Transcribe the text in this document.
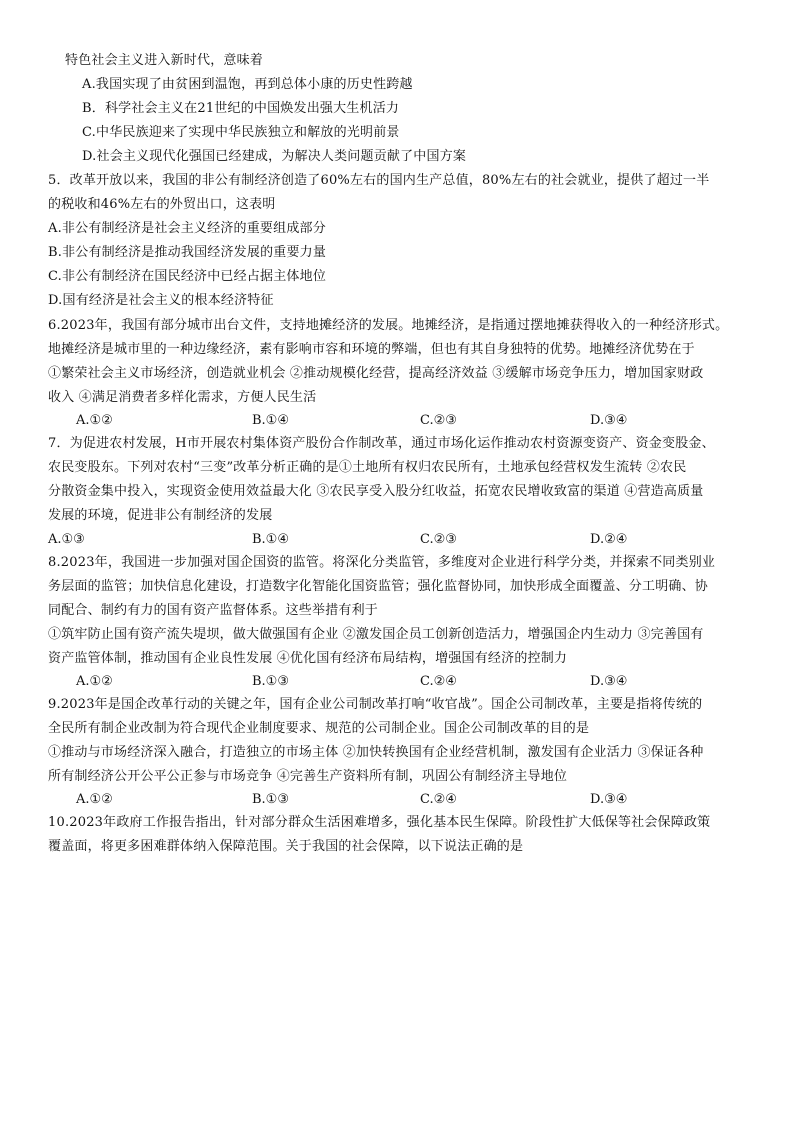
特色社会主义进入新时代，意味着
A.我国实现了由贫困到温饱，再到总体小康的历史性跨越
B．科学社会主义在21世纪的中国焕发出强大生机活力
C.中华民族迎来了实现中华民族独立和解放的光明前景
D.社会主义现代化强国已经建成，为解决人类问题贡献了中国方案
5．改革开放以来，我国的非公有制经济创造了60%左右的国内生产总值，80%左右的社会就业，提供了超过一半
的税收和46%左右的外贸出口，这表明
A.非公有制经济是社会主义经济的重要组成部分
B.非公有制经济是推动我国经济发展的重要力量
C.非公有制经济在国民经济中已经占据主体地位
D.国有经济是社会主义的根本经济特征
6.2023年，我国有部分城市出台文件，支持地摊经济的发展。地摊经济，是指通过摆地摊获得收入的一种经济形式。
地摊经济是城市里的一种边缘经济，素有影响市容和环境的弊端，但也有其自身独特的优势。地摊经济优势在于
①繁荣社会主义市场经济，创造就业机会 ②推动规模化经营，提高经济效益 ③缓解市场竞争压力，增加国家财政
收入 ④满足消费者多样化需求，方便人民生活
A.①②	B.①④	C.②③	D.③④
7．为促进农村发展，H市开展农村集体资产股份合作制改革，通过市场化运作推动农村资源变资产、资金变股金、
农民变股东。下列对农村“三变”改革分析正确的是①土地所有权归农民所有，土地承包经营权发生流转 ②农民
分散资金集中投入，实现资金使用效益最大化 ③农民享受入股分红收益，拓宽农民增收致富的渠道 ④营造高质量
发展的环境，促进非公有制经济的发展
A.①③	B.①④	C.②③	D.②④
8.2023年，我国进一步加强对国企国资的监管。将深化分类监管，多维度对企业进行科学分类，并探索不同类别业
务层面的监管；加快信息化建设，打造数字化智能化国资监管；强化监督协同，加快形成全面覆盖、分工明确、协
同配合、制约有力的国有资产监督体系。这些举措有利于
①筑牢防止国有资产流失堤坝，做大做强国有企业 ②激发国企员工创新创造活力，增强国企内生动力 ③完善国有
资产监管体制，推动国有企业良性发展 ④优化国有经济布局结构，增强国有经济的控制力
A.①②	B.①③	C.②④	D.③④
9.2023年是国企改革行动的关键之年，国有企业公司制改革打响“收官战”。国企公司制改革，主要是指将传统的
全民所有制企业改制为符合现代企业制度要求、规范的公司制企业。国企公司制改革的目的是
①推动与市场经济深入融合，打造独立的市场主体 ②加快转换国有企业经营机制，激发国有企业活力 ③保证各种
所有制经济公开公平公正参与市场竞争 ④完善生产资料所有制，巩固公有制经济主导地位
A.①②	B.①③	C.②④	D.③④
10.2023年政府工作报告指出，针对部分群众生活困难增多，强化基本民生保障。阶段性扩大低保等社会保障政策
覆盖面，将更多困难群体纳入保障范围。关于我国的社会保障，以下说法正确的是
